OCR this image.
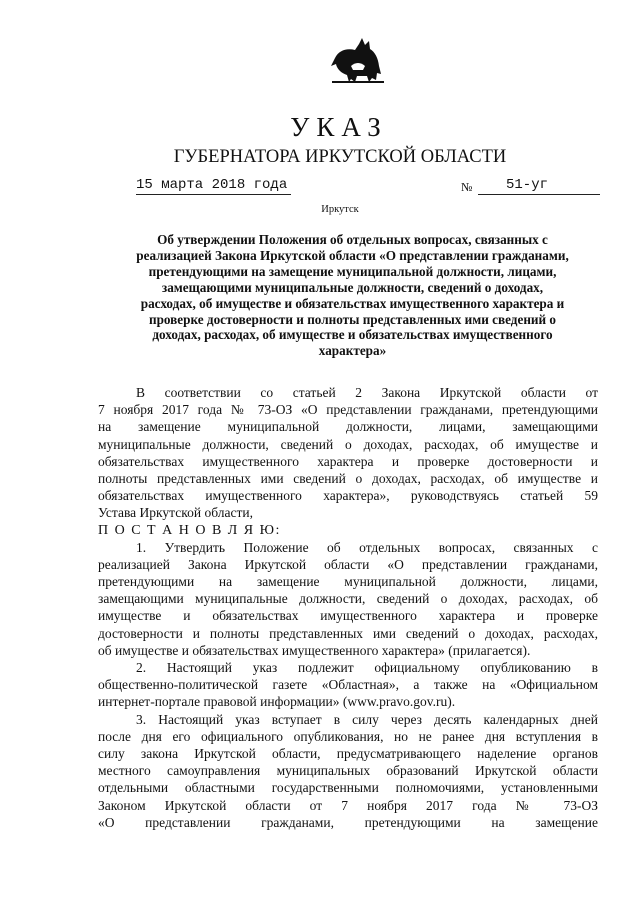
УКАЗ
ГУБЕРНАТОРА ИРКУТСКОЙ ОБЛАСТИ
15 марта 2018 года	№ 51-уг
Иркутск
Об утверждении Положения об отдельных вопросах, связанных с
реализацией Закона Иркутской области «О представлении гражданами,
претендующими на замещение муниципальной должности, лицами,
замещающими муниципальные должности, сведений о доходах,
расходах, об имуществе и обязательствах имущественного характера и
проверке достоверности и полноты представленных ими сведений о
доходах, расходах, об имуществе и обязательствах имущественного
характера»
В соответствии со статьей 2 Закона Иркутской области от
7 ноября 2017 года № 73-ОЗ «О представлении гражданами, претендующими
на замещение муниципальной должности, лицами, замещающими
муниципальные должности, сведений о доходах, расходах, об имуществе и
обязательствах имущественного характера и проверке достоверности и
полноты представленных ими сведений о доходах, расходах, об имуществе и
обязательствах имущественного характера», руководствуясь статьей 59
Устава Иркутской области,
П О С Т А Н О В Л Я Ю:
1. Утвердить Положение об отдельных вопросах, связанных с
реализацией Закона Иркутской области «О представлении гражданами,
претендующими на замещение муниципальной должности, лицами,
замещающими муниципальные должности, сведений о доходах, расходах, об
имуществе и обязательствах имущественного характера и проверке
достоверности и полноты представленных ими сведений о доходах, расходах,
об имуществе и обязательствах имущественного характера» (прилагается).
2. Настоящий указ подлежит официальному опубликованию в
общественно-политической газете «Областная», а также на «Официальном
интернет-портале правовой информации» (www.pravo.gov.ru).
3. Настоящий указ вступает в силу через десять календарных дней
после дня его официального опубликования, но не ранее дня вступления в
силу закона Иркутской области, предусматривающего наделение органов
местного самоуправления муниципальных образований Иркутской области
отдельными областными государственными полномочиями, установленными
Законом Иркутской области от 7 ноября 2017 года № 73-ОЗ
«О представлении гражданами, претендующими на замещение
